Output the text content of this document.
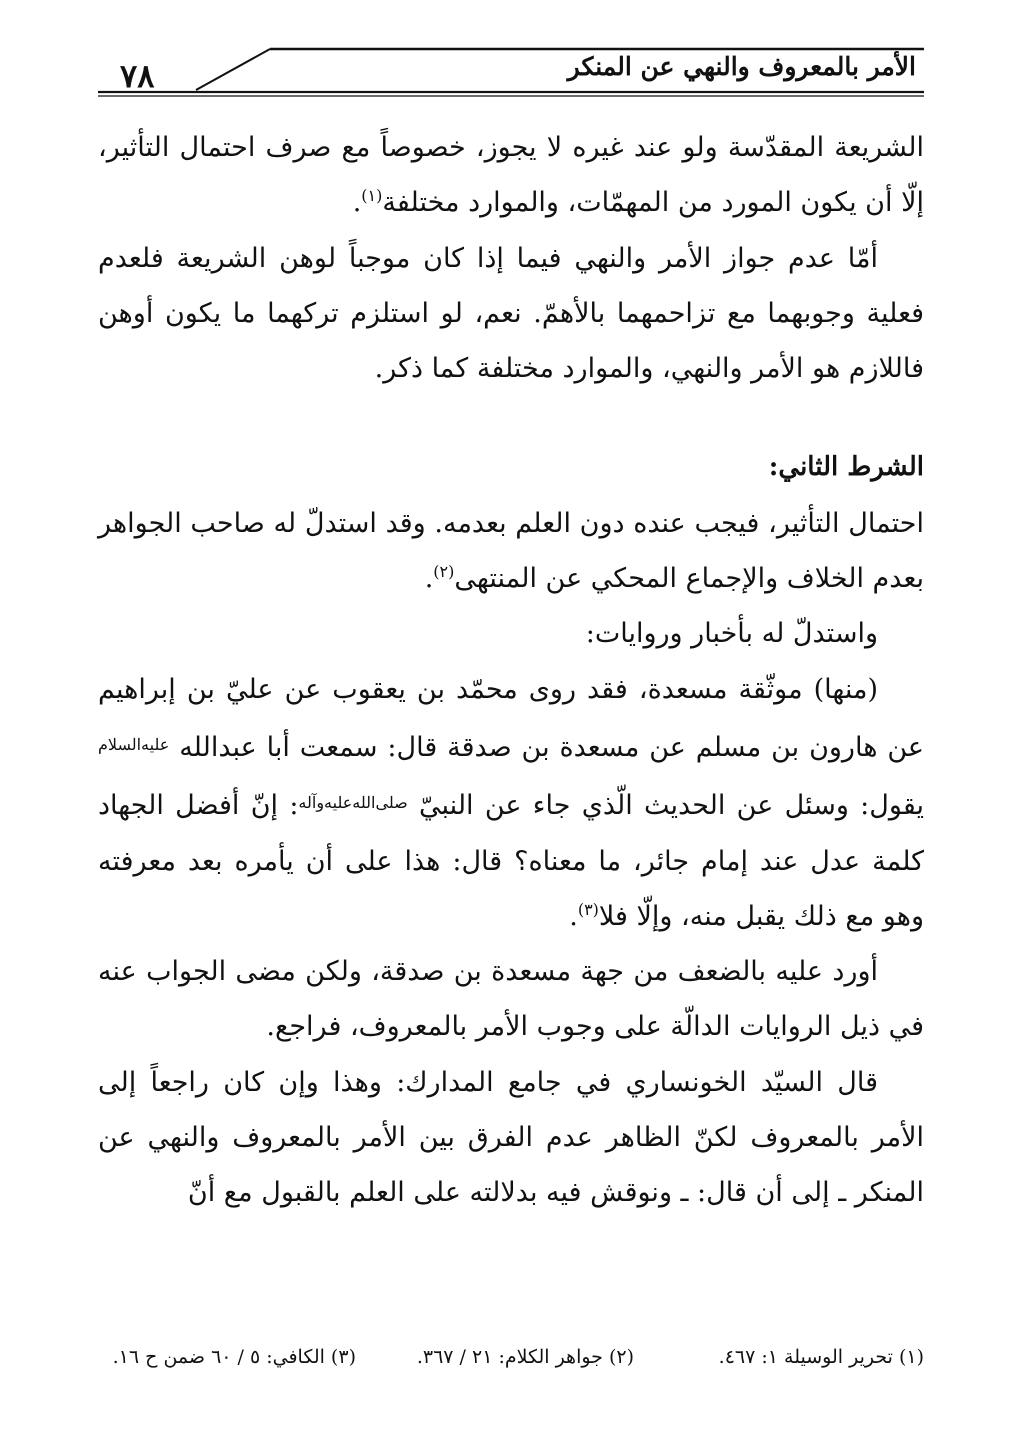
٧٨	الأمر بالمعروف والنهي عن المنكر

الشريعة المقدّسة ولو عند غيره لا يجوز، خصوصاً مع صرف احتمال التأثير، إلّا أن يكون المورد من المهمّات، والموارد مختلفة$^{(١)}$.

أمّا عدم جواز الأمر والنهي فيما إذا كان موجباً لوهن الشريعة فلعدم فعلية وجوبهما مع تزاحمهما بالأهمّ. نعم، لو استلزم تركهما ما يكون أوهن فاللازم هو الأمر والنهي، والموارد مختلفة كما ذكر.

الشرط الثاني:

احتمال التأثير، فيجب عنده دون العلم بعدمه. وقد استدلّ له صاحب الجواهر بعدم الخلاف والإجماع المحكي عن المنتهى$^{(٢)}$.

واستدلّ له بأخبار وروايات:

(منها) موثّقة مسعدة، فقد روى محمّد بن يعقوب عن عليّ بن إبراهيم عن هارون بن مسلم عن مسعدة بن صدقة قال: سمعت أبا عبدالله $^{عليه‌السلام}$ يقول: وسئل عن الحديث الّذي جاء عن النبيّ $^{صلى‌الله‌عليه‌وآله}$: إنّ أفضل الجهاد كلمة عدل عند إمام جائر، ما معناه؟ قال: هذا على أن يأمره بعد معرفته وهو مع ذلك يقبل منه، وإلّا فلا$^{(٣)}$.

أورد عليه بالضعف من جهة مسعدة بن صدقة، ولكن مضى الجواب عنه في ذيل الروايات الدالّة على وجوب الأمر بالمعروف، فراجع.

قال السيّد الخونساري في جامع المدارك: وهذا وإن كان راجعاً إلى الأمر بالمعروف لكنّ الظاهر عدم الفرق بين الأمر بالمعروف والنهي عن المنكر ـ إلى أن قال: ـ ونوقش فيه بدلالته على العلم بالقبول مع أنّ

(١) تحرير الوسيلة ١: ٤٦٧.
(٢) جواهر الكلام: ٢١ / ٣٦٧.
(٣) الكافي: ٥ / ٦٠ ضمن ح ١٦.
